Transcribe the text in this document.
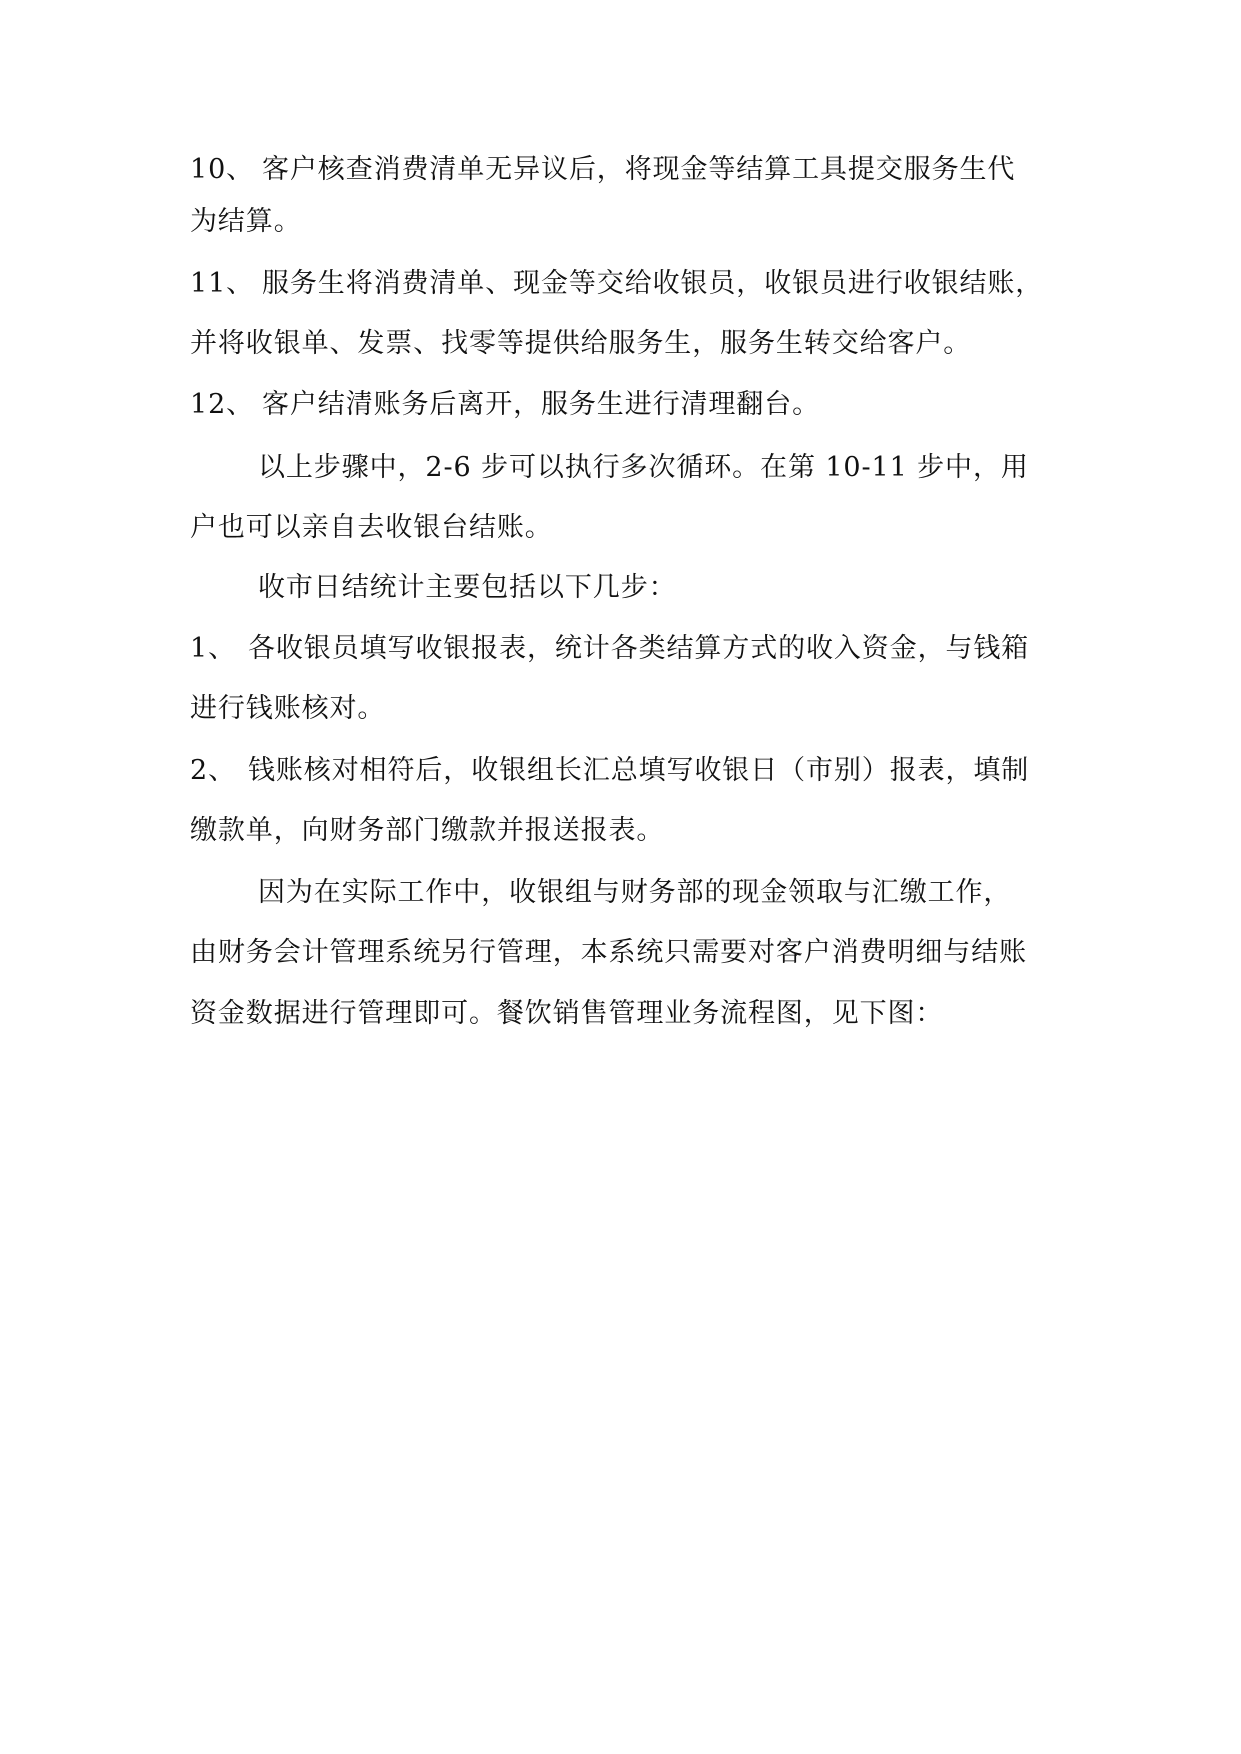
10、 客户核查消费清单无异议后，将现金等结算工具提交服务生代
为结算。
11、 服务生将消费清单、现金等交给收银员，收银员进行收银结账，
并将收银单、发票、找零等提供给服务生，服务生转交给客户。
12、 客户结清账务后离开，服务生进行清理翻台。
以上步骤中，2-6 步可以执行多次循环。在第 10-11 步中，用
户也可以亲自去收银台结账。
收市日结统计主要包括以下几步：
1、 各收银员填写收银报表，统计各类结算方式的收入资金，与钱箱
进行钱账核对。
2、 钱账核对相符后，收银组长汇总填写收银日（市别）报表，填制
缴款单，向财务部门缴款并报送报表。
因为在实际工作中，收银组与财务部的现金领取与汇缴工作，
由财务会计管理系统另行管理，本系统只需要对客户消费明细与结账
资金数据进行管理即可。餐饮销售管理业务流程图，见下图：
